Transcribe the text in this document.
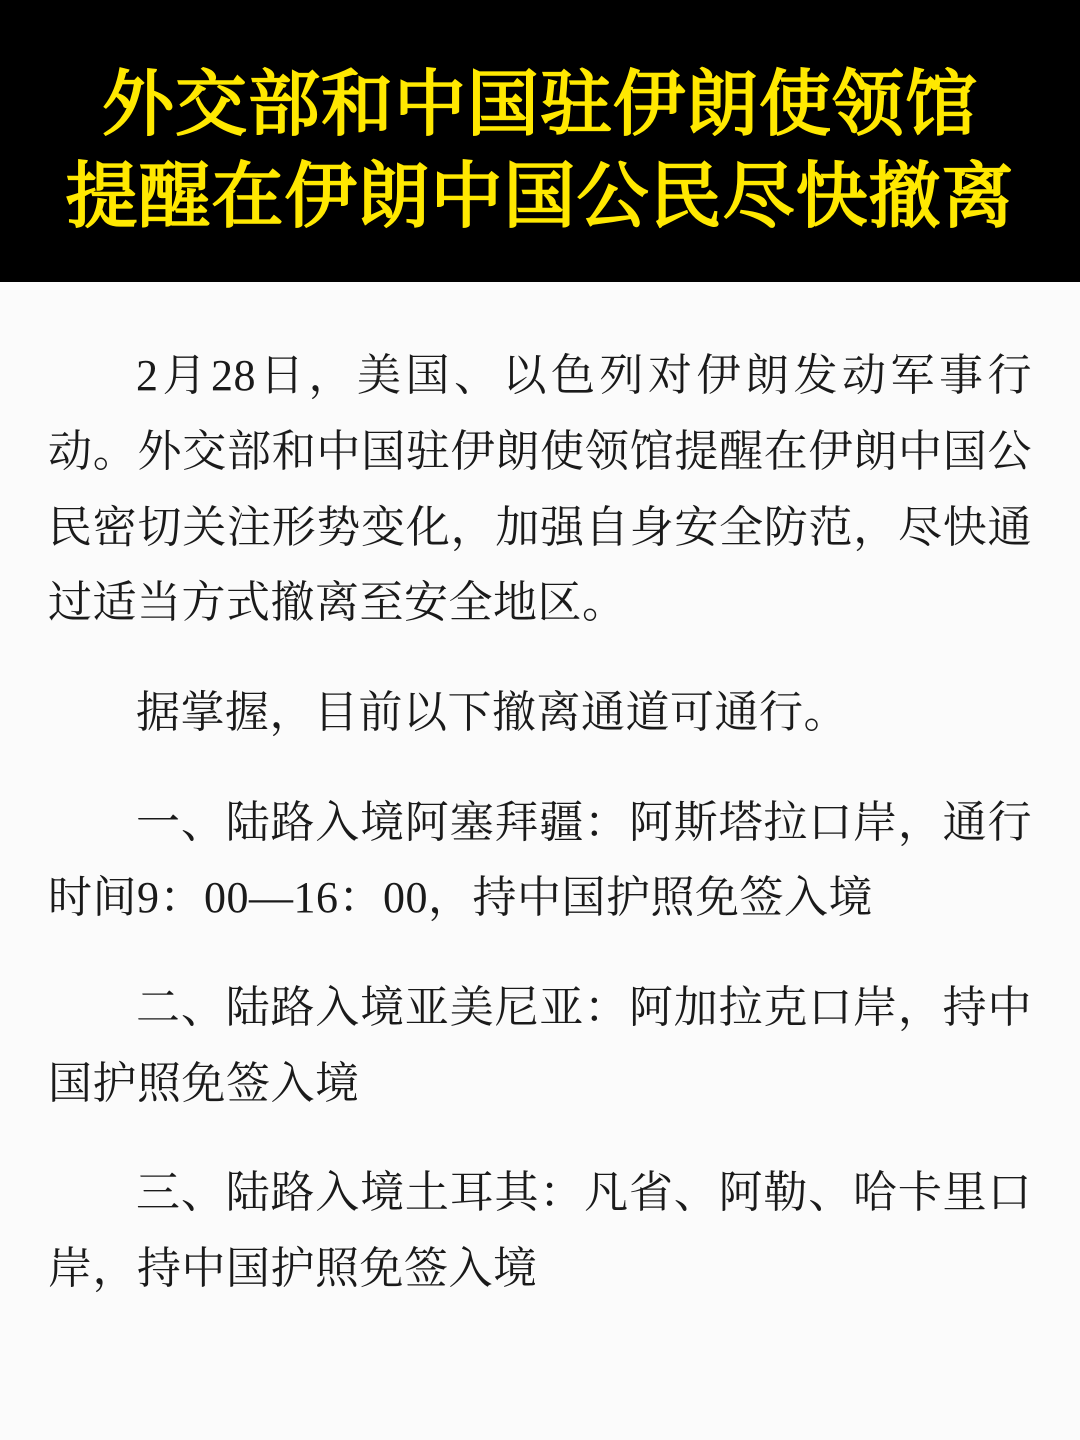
外交部和中国驻伊朗使领馆
提醒在伊朗中国公民尽快撤离

2月28日，美国、以色列对伊朗发动军事行动。外交部和中国驻伊朗使领馆提醒在伊朗中国公民密切关注形势变化，加强自身安全防范，尽快通过适当方式撤离至安全地区。

据掌握，目前以下撤离通道可通行。

一、陆路入境阿塞拜疆：阿斯塔拉口岸，通行时间9：00—16：00，持中国护照免签入境

二、陆路入境亚美尼亚：阿加拉克口岸，持中国护照免签入境

三、陆路入境土耳其：凡省、阿勒、哈卡里口岸，持中国护照免签入境
